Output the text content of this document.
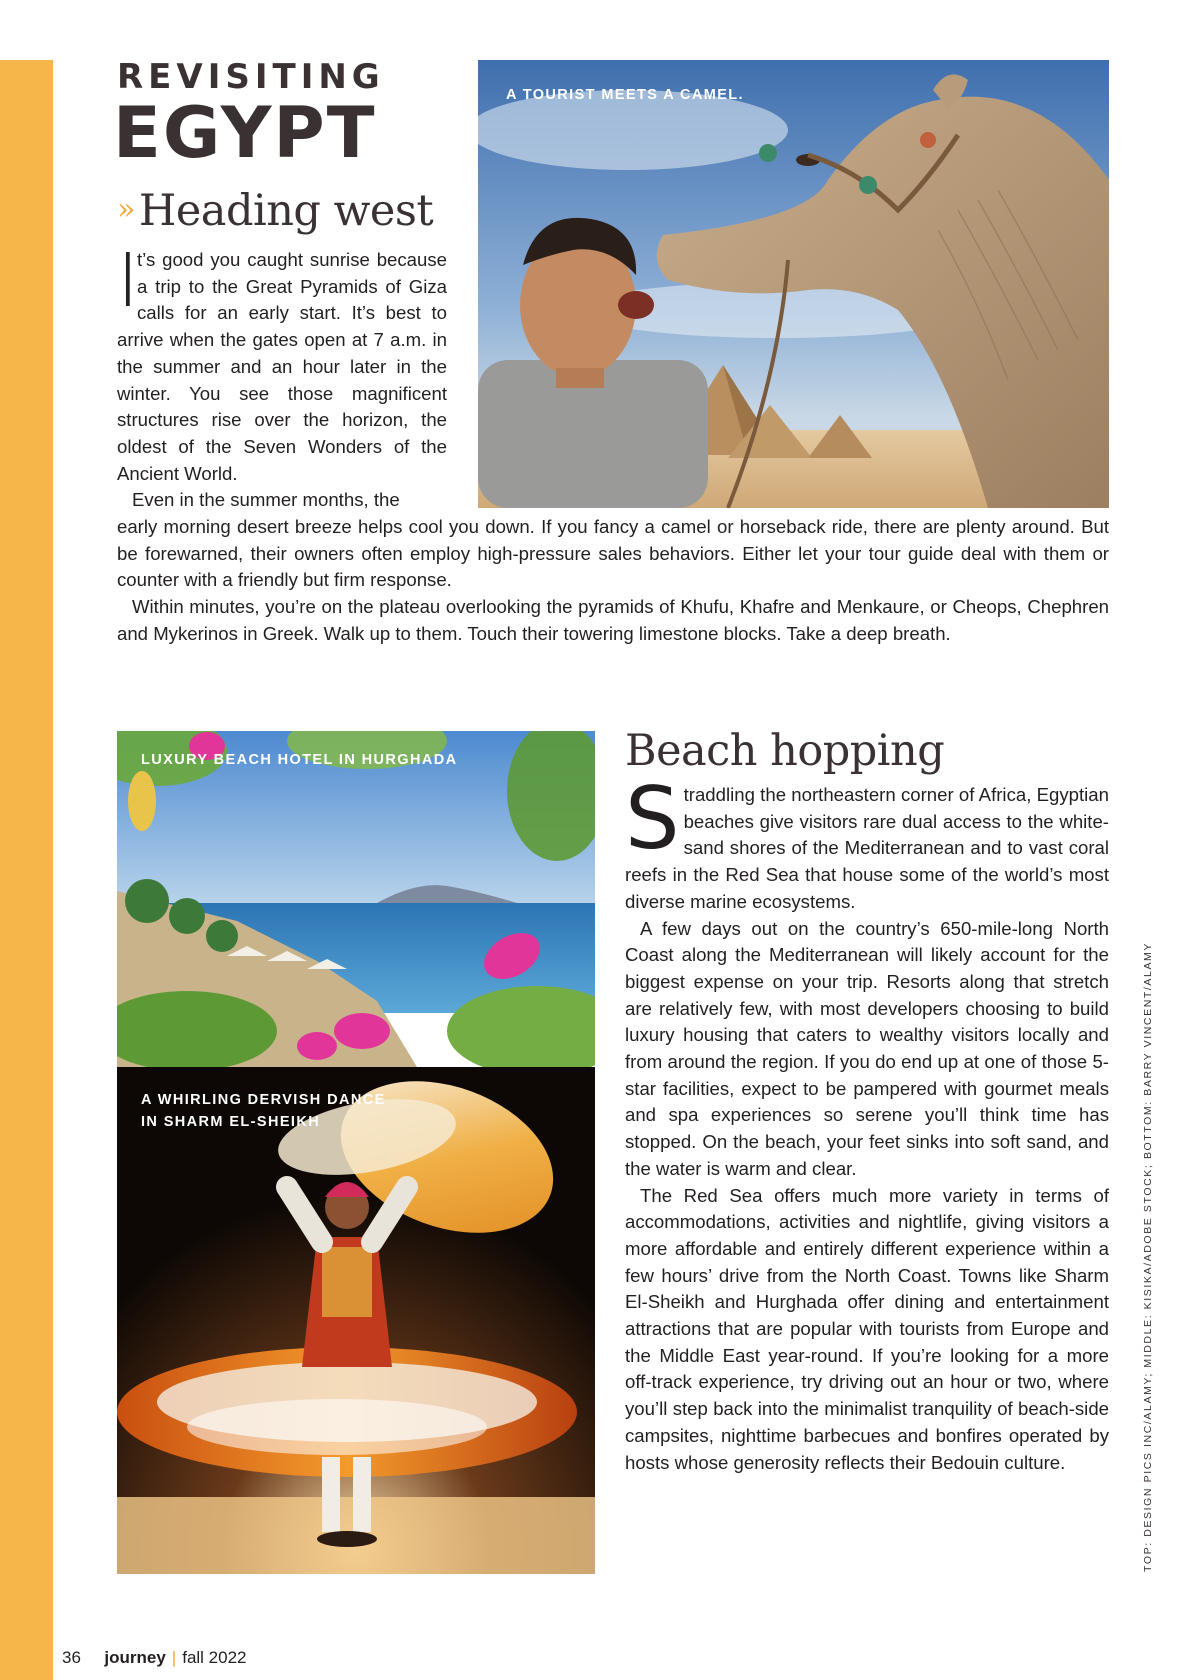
REVISITING
EGYPT	A TOURIST MEETS A CAMEL.
»Heading west

I
t’s good you caught sunrise because a trip to the Great Pyramids of Giza calls for an early start. It’s best to arrive when the gates open at 7 a.m. in the summer and an hour later in the winter. You see those magnificent structures rise over the horizon, the oldest of the Seven Wonders of the Ancient World.

Even in the summer months, the

early morning desert breeze helps cool you down. If you fancy a camel or horseback ride, there are plenty around. But be forewarned, their owners often employ high-pressure sales behaviors. Either let your tour guide deal with them or counter with a friendly but firm response.

Within minutes, you’re on the plateau overlooking the pyramids of Khufu, Khafre and Menkaure, or Cheops, Chephren and Mykerinos in Greek. Walk up to them. Touch their towering limestone blocks. Take a deep breath.

LUXURY BEACH HOTEL IN HURGHADA
A WHIRLING DERVISH DANCE
IN SHARM EL-SHEIKH
Beach hopping

Straddling the northeastern corner of Africa, Egyptian beaches give visitors rare dual access to the white-sand shores of the Mediterranean and to vast coral reefs in the Red Sea that house some of the world’s most diverse marine ecosystems.

A few days out on the country’s 650-mile-long North Coast along the Mediterranean will likely account for the biggest expense on your trip. Resorts along that stretch are relatively few, with most developers choosing to build luxury housing that caters to wealthy visitors locally and from around the region. If you do end up at one of those 5-star facilities, expect to be pampered with gourmet meals and spa experiences so serene you’ll think time has stopped. On the beach, your feet sinks into soft sand, and the water is warm and clear.

The Red Sea offers much more variety in terms of accommodations, activities and nightlife, giving visitors a more affordable and entirely different experience within a few hours’ drive from the North Coast. Towns like Sharm El-Sheikh and Hurghada offer dining and entertainment attractions that are popular with tourists from Europe and the Middle East year-round. If you’re looking for a more off-track experience, try driving out an hour or two, where you’ll step back into the minimalist tranquility of beach-side campsites, nighttime barbecues and bonfires operated by hosts whose generosity reflects their Bedouin culture.	TOP: DESIGN PICS INC/ALAMY; MIDDLE: KISIKA/ADOBE STOCK; BOTTOM: BARRY VINCENT/ALAMY
36 journey | fall 2022
